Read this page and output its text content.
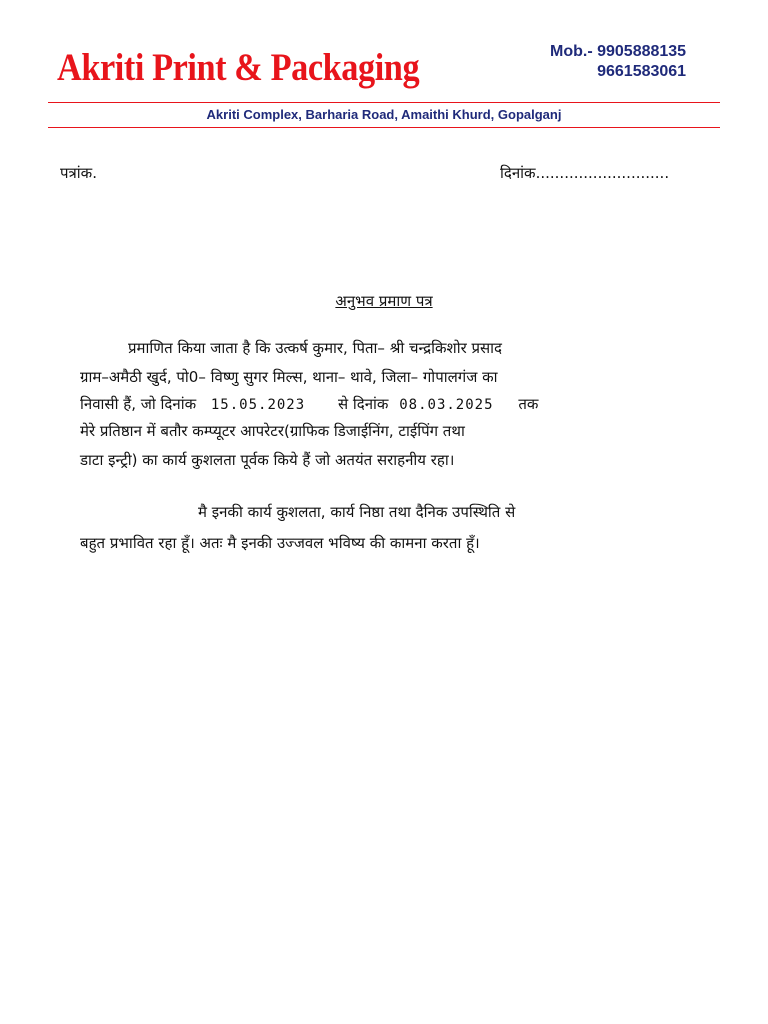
Akriti Print & Packaging	Mob.- 9905888135
9661583061
Akriti Complex, Barharia Road, Amaithi Khurd, Gopalganj
पत्रांक.	दिनांक............................
अनुभव प्रमाण पत्र
प्रमाणित किया जाता है कि उत्कर्ष कुमार, पिता– श्री चन्द्रकिशोर प्रसाद
ग्राम–अमैठी खुर्द, पो0– विष्णु सुगर मिल्स, थाना– थावे, जिला– गोपालगंज का
निवासी हैं, जो दिनांक 15.05.2023 से दिनांक 08.03.2025 तक
मेरे प्रतिष्ठान में बतौर कम्प्यूटर आपरेटर(ग्राफिक डिजाईनिंग, टाईपिंग तथा
डाटा इन्ट्री) का कार्य कुशलता पूर्वक किये हैं जो अतयंत सराहनीय रहा।
मै इनकी कार्य कुशलता, कार्य निष्ठा तथा दैनिक उपस्थिति से
बहुत प्रभावित रहा हूँ। अतः मै इनकी उज्जवल भविष्य की कामना करता हूँ।
